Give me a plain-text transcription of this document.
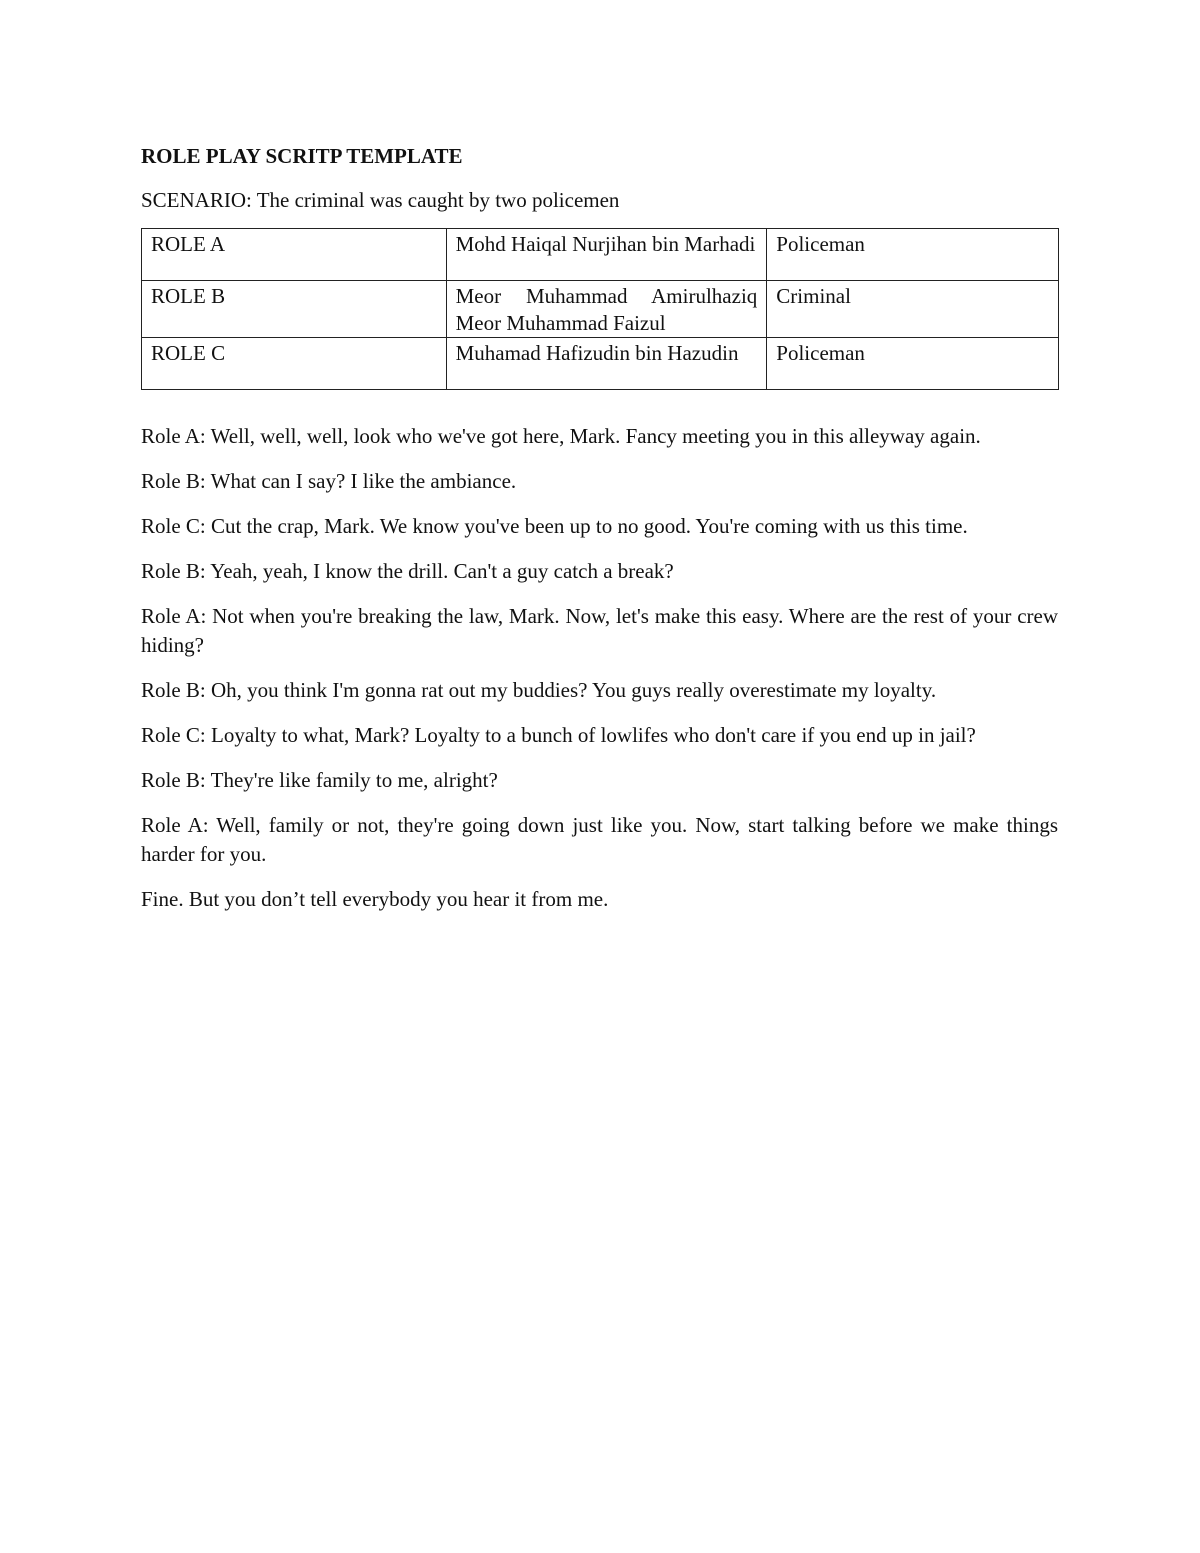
ROLE PLAY SCRITP TEMPLATE
SCENARIO: The criminal was caught by two policemen
ROLE A	Mohd Haiqal Nurjihan bin Marhadi	Policeman
ROLE B	Meor Muhammad Amirulhaziq Meor Muhammad Faizul	Criminal
ROLE C	Muhamad Hafizudin bin Hazudin	Policeman

Role A: Well, well, well, look who we've got here, Mark. Fancy meeting you in this alleyway again.

Role B: What can I say? I like the ambiance.

Role C: Cut the crap, Mark. We know you've been up to no good. You're coming with us this time.

Role B: Yeah, yeah, I know the drill. Can't a guy catch a break?

Role A: Not when you're breaking the law, Mark. Now, let's make this easy. Where are the rest of your crew hiding?

Role B: Oh, you think I'm gonna rat out my buddies? You guys really overestimate my loyalty.

Role C: Loyalty to what, Mark? Loyalty to a bunch of lowlifes who don't care if you end up in jail?

Role B: They're like family to me, alright?

Role A: Well, family or not, they're going down just like you. Now, start talking before we make things harder for you.

Fine. But you don’t tell everybody you hear it from me.
